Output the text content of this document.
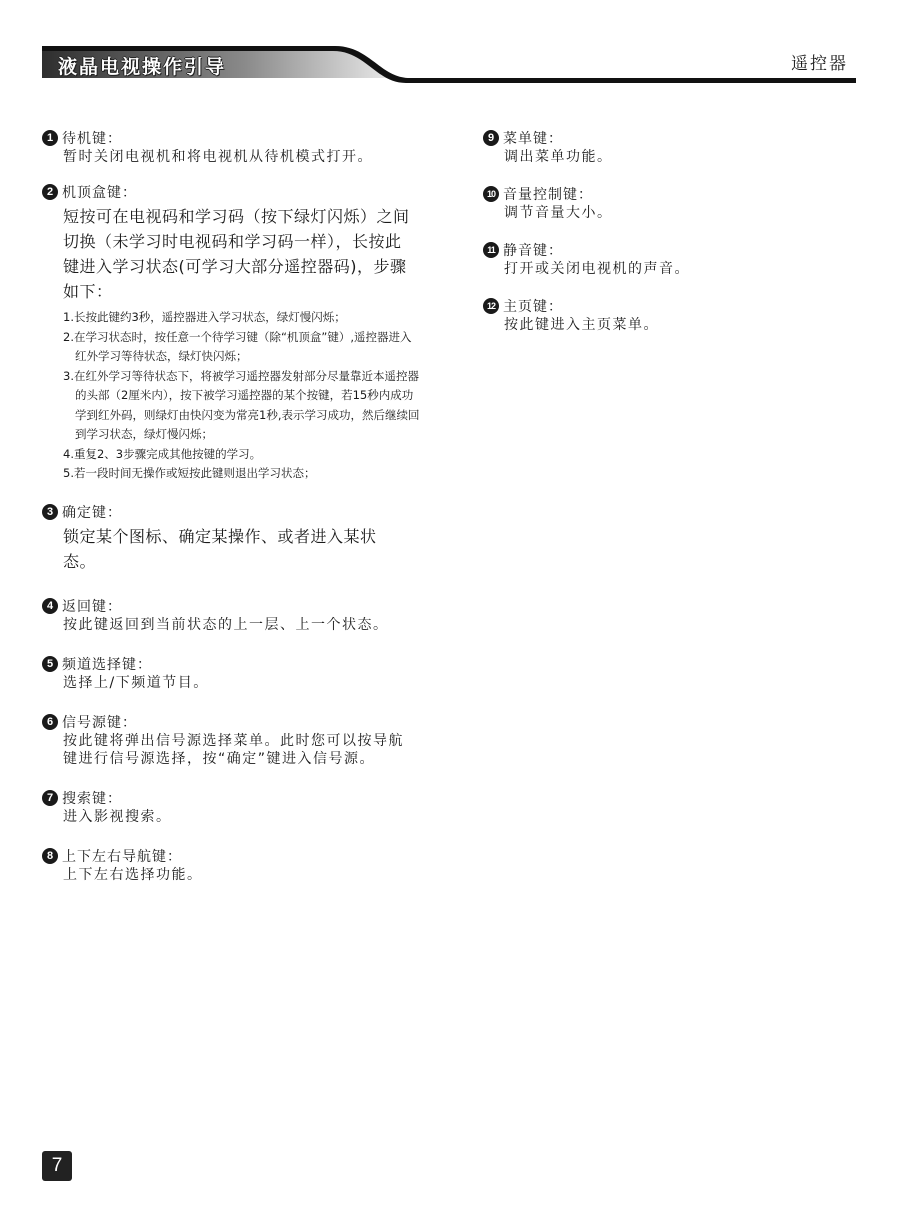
液晶电视操作引导	遥控器
1 待机键：
暂时关闭电视机和将电视机从待机模式打开。
2 机顶盒键：
短按可在电视码和学习码（按下绿灯闪烁）之间切换（未学习时电视码和学习码一样），长按此键进入学习状态(可学习大部分遥控器码)，步骤如下：
1.长按此键约3秒，遥控器进入学习状态，绿灯慢闪烁；
2.在学习状态时，按任意一个待学习键（除“机顶盒”键）,遥控器进入红外学习等待状态，绿灯快闪烁；
3.在红外学习等待状态下，将被学习遥控器发射部分尽量靠近本遥控器的头部（2厘米内），按下被学习遥控器的某个按键，若15秒内成功学到红外码，则绿灯由快闪变为常亮1秒,表示学习成功，然后继续回到学习状态，绿灯慢闪烁；
4.重复2、3步骤完成其他按键的学习。
5.若一段时间无操作或短按此键则退出学习状态；
3 确定键：
锁定某个图标、确定某操作、或者进入某状态。
4 返回键：
按此键返回到当前状态的上一层、上一个状态。
5 频道选择键：
选择上/下频道节目。
6 信号源键：
按此键将弹出信号源选择菜单。此时您可以按导航键进行信号源选择，按“确定”键进入信号源。
7 搜索键：
进入影视搜索。
8 上下左右导航键：
上下左右选择功能。
9 菜单键：
调出菜单功能。
10 音量控制键：
调节音量大小。
11 静音键：
打开或关闭电视机的声音。
12 主页键：
按此键进入主页菜单。
7
